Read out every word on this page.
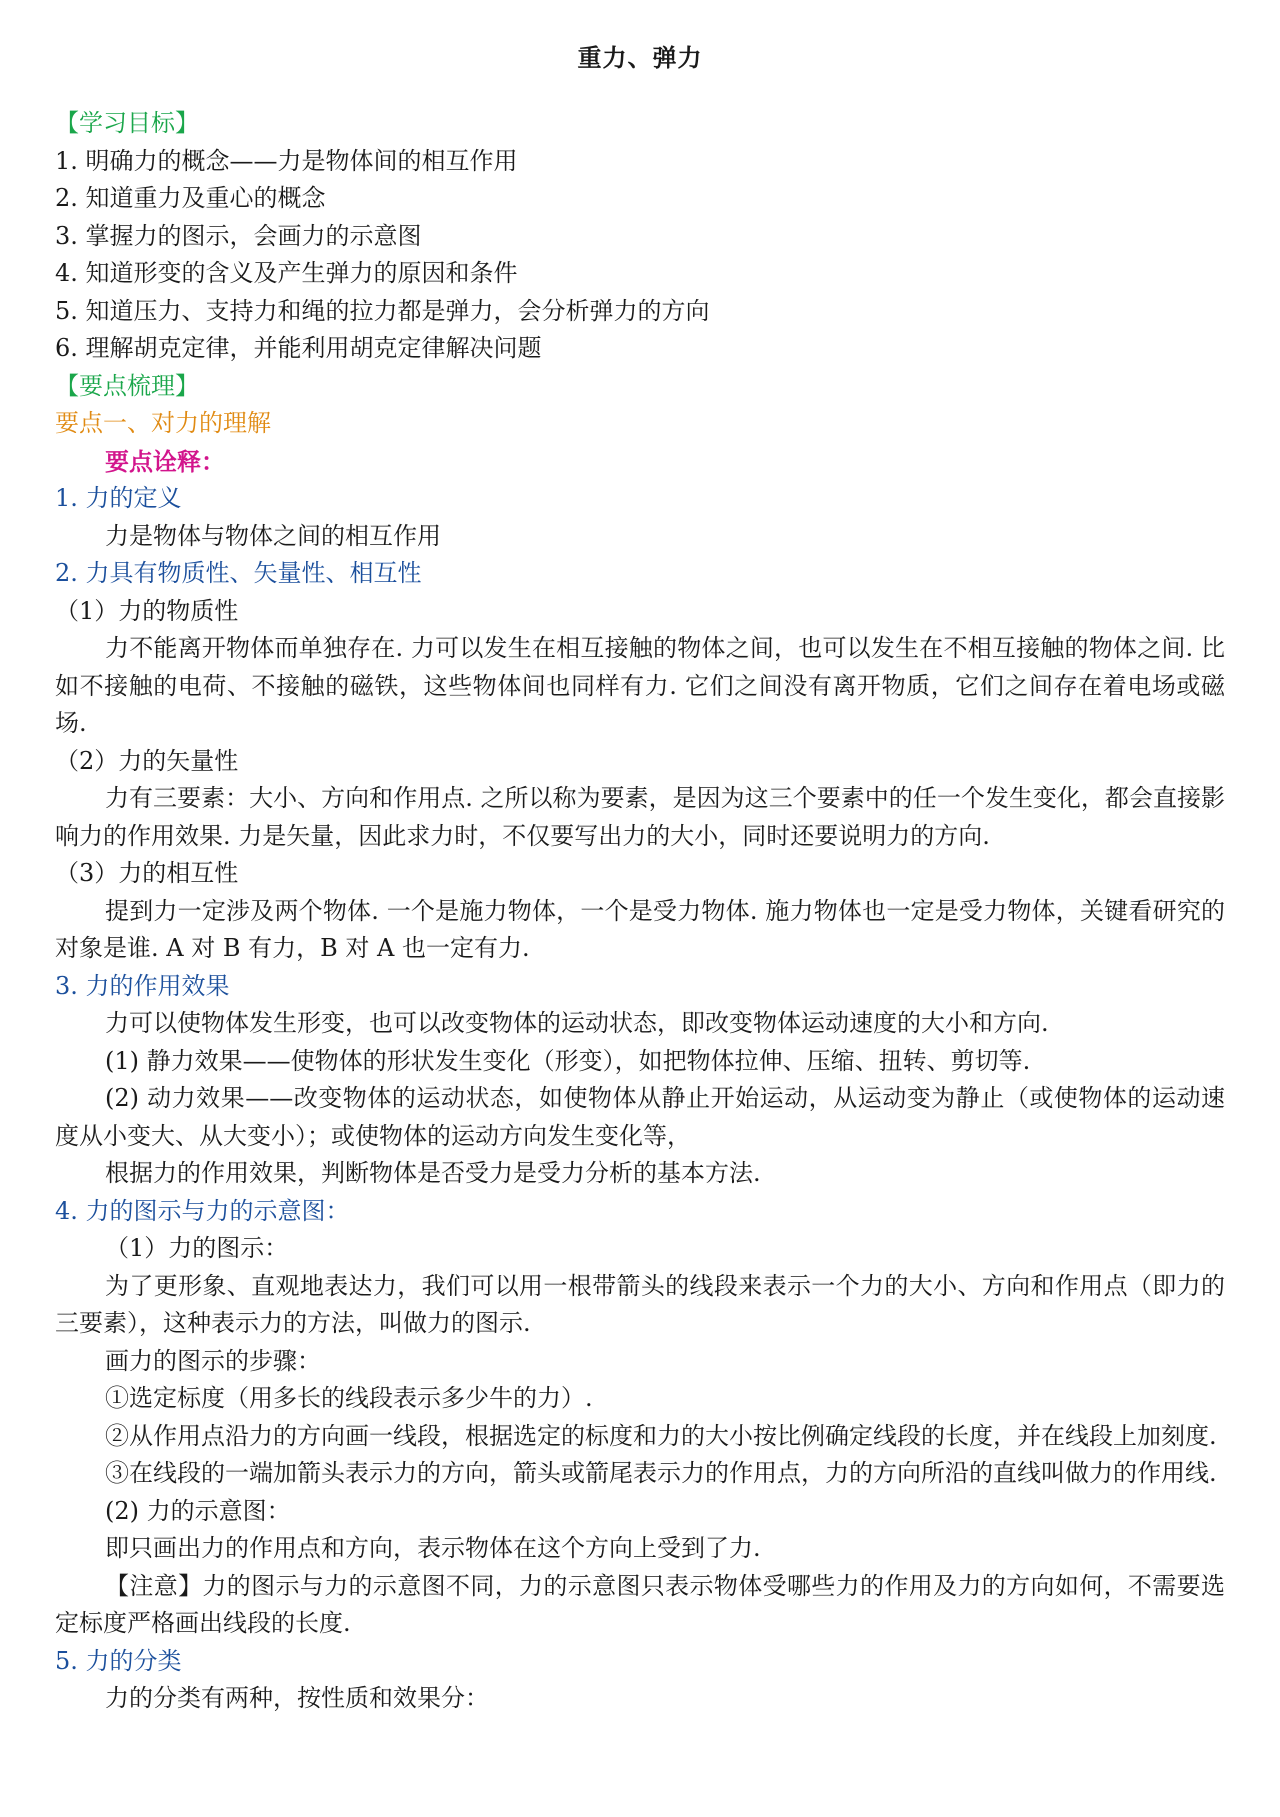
重力、弹力
【学习目标】
1. 明确力的概念——力是物体间的相互作用
2. 知道重力及重心的概念
3. 掌握力的图示，会画力的示意图
4. 知道形变的含义及产生弹力的原因和条件
5. 知道压力、支持力和绳的拉力都是弹力，会分析弹力的方向
6. 理解胡克定律，并能利用胡克定律解决问题
【要点梳理】
要点一、对力的理解
要点诠释：
1. 力的定义
力是物体与物体之间的相互作用
2. 力具有物质性、矢量性、相互性
（1）力的物质性
力不能离开物体而单独存在. 力可以发生在相互接触的物体之间，也可以发生在不相互接触的物体之间. 比如不接触的电荷、不接触的磁铁，这些物体间也同样有力. 它们之间没有离开物质，它们之间存在着电场或磁场.
（2）力的矢量性
力有三要素：大小、方向和作用点. 之所以称为要素，是因为这三个要素中的任一个发生变化，都会直接影响力的作用效果. 力是矢量，因此求力时，不仅要写出力的大小，同时还要说明力的方向.
（3）力的相互性
提到力一定涉及两个物体. 一个是施力物体，一个是受力物体. 施力物体也一定是受力物体，关键看研究的对象是谁. A 对 B 有力，B 对 A 也一定有力.
3. 力的作用效果
力可以使物体发生形变，也可以改变物体的运动状态，即改变物体运动速度的大小和方向.
(1) 静力效果——使物体的形状发生变化（形变），如把物体拉伸、压缩、扭转、剪切等.
(2) 动力效果——改变物体的运动状态，如使物体从静止开始运动，从运动变为静止（或使物体的运动速度从小变大、从大变小）；或使物体的运动方向发生变化等，
根据力的作用效果，判断物体是否受力是受力分析的基本方法.
4. 力的图示与力的示意图：
（1）力的图示：
为了更形象、直观地表达力，我们可以用一根带箭头的线段来表示一个力的大小、方向和作用点（即力的三要素），这种表示力的方法，叫做力的图示.
画力的图示的步骤：
①选定标度（用多长的线段表示多少牛的力）.
②从作用点沿力的方向画一线段，根据选定的标度和力的大小按比例确定线段的长度，并在线段上加刻度.
③在线段的一端加箭头表示力的方向，箭头或箭尾表示力的作用点，力的方向所沿的直线叫做力的作用线.
(2) 力的示意图：
即只画出力的作用点和方向，表示物体在这个方向上受到了力.
【注意】力的图示与力的示意图不同，力的示意图只表示物体受哪些力的作用及力的方向如何，不需要选定标度严格画出线段的长度.
5. 力的分类
力的分类有两种，按性质和效果分：
